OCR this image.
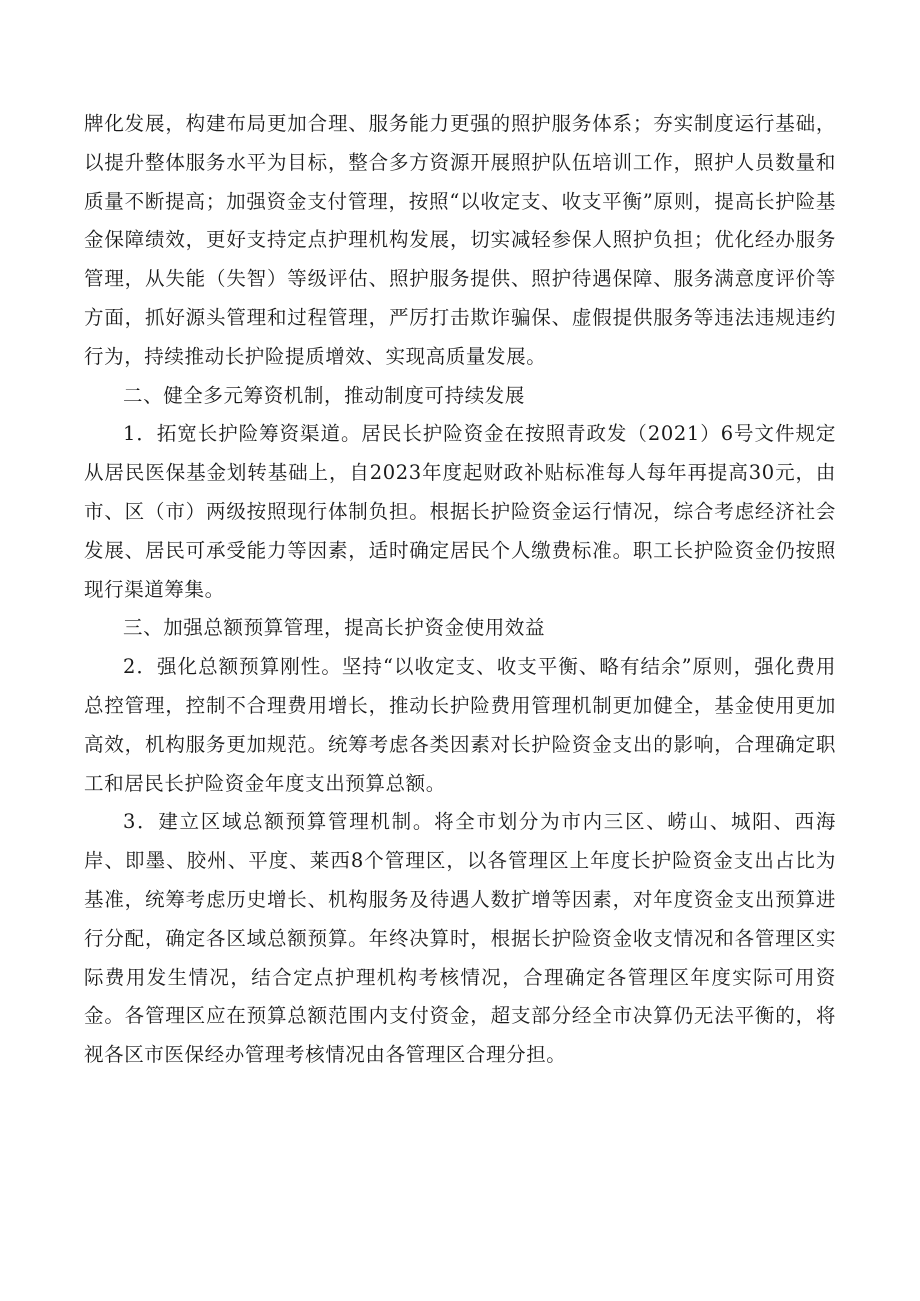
牌化发展，构建布局更加合理、服务能力更强的照护服务体系；夯实制度运行基础，以提升整体服务水平为目标，整合多方资源开展照护队伍培训工作，照护人员数量和质量不断提高；加强资金支付管理，按照“以收定支、收支平衡”原则，提高长护险基金保障绩效，更好支持定点护理机构发展，切实减轻参保人照护负担；优化经办服务管理，从失能（失智）等级评估、照护服务提供、照护待遇保障、服务满意度评价等方面，抓好源头管理和过程管理，严厉打击欺诈骗保、虚假提供服务等违法违规违约行为，持续推动长护险提质增效、实现高质量发展。

二、健全多元筹资机制，推动制度可持续发展

1．拓宽长护险筹资渠道。居民长护险资金在按照青政发（2021）6号文件规定从居民医保基金划转基础上，自2023年度起财政补贴标准每人每年再提高30元，由市、区（市）两级按照现行体制负担。根据长护险资金运行情况，综合考虑经济社会发展、居民可承受能力等因素，适时确定居民个人缴费标准。职工长护险资金仍按照现行渠道筹集。

三、加强总额预算管理，提高长护资金使用效益

2．强化总额预算刚性。坚持“以收定支、收支平衡、略有结余”原则，强化费用总控管理，控制不合理费用增长，推动长护险费用管理机制更加健全，基金使用更加高效，机构服务更加规范。统筹考虑各类因素对长护险资金支出的影响，合理确定职工和居民长护险资金年度支出预算总额。

3．建立区域总额预算管理机制。将全市划分为市内三区、崂山、城阳、西海岸、即墨、胶州、平度、莱西8个管理区，以各管理区上年度长护险资金支出占比为基准，统筹考虑历史增长、机构服务及待遇人数扩增等因素，对年度资金支出预算进行分配，确定各区域总额预算。年终决算时，根据长护险资金收支情况和各管理区实际费用发生情况，结合定点护理机构考核情况，合理确定各管理区年度实际可用资金。各管理区应在预算总额范围内支付资金，超支部分经全市决算仍无法平衡的，将视各区市医保经办管理考核情况由各管理区合理分担。
